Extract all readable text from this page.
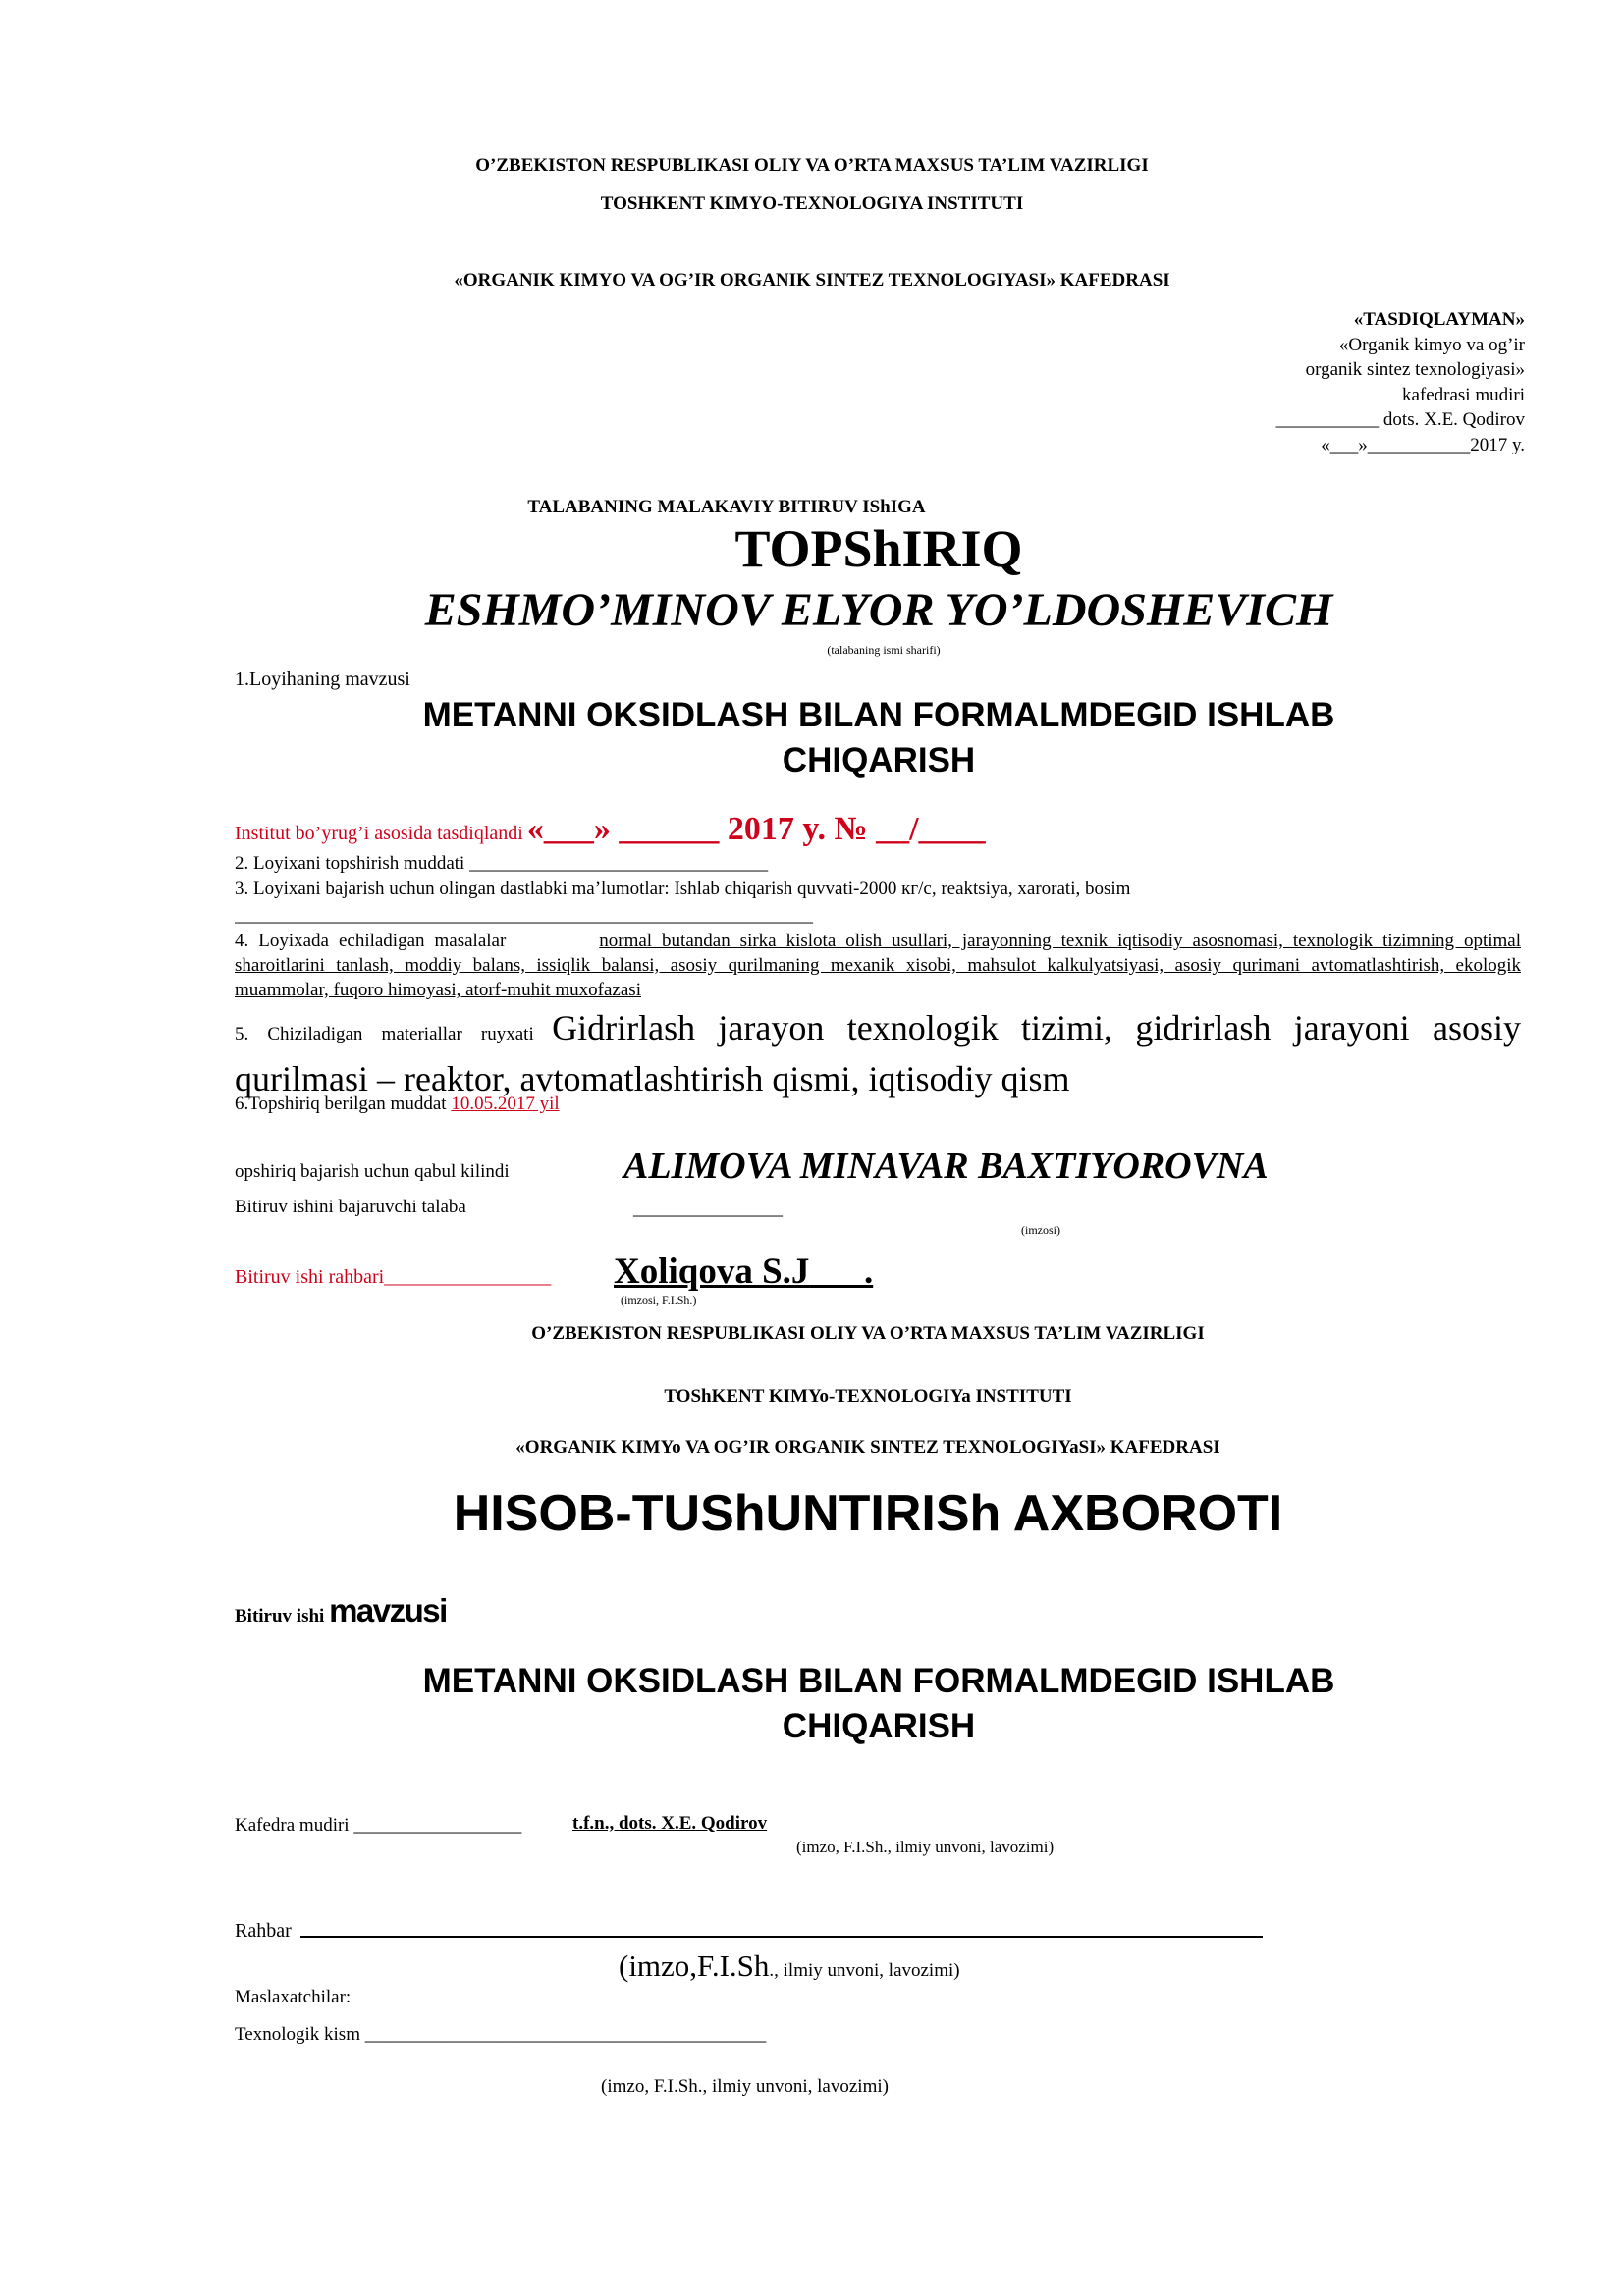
O’ZBEKISTON RESPUBLIKASI OLIY VA O’RTA MAXSUS TA’LIM VAZIRLIGI
TOSHKENT KIMYO-TEXNOLOGIYA INSTITUTI
«ORGANIK KIMYO VA OG’IR ORGANIK SINTEZ TEXNOLOGIYASI» KAFEDRASI
«TASDIQLAYMAN»
«Organik kimyo va og’ir
organik sintez texnologiyasi»
kafedrasi mudiri
___________ dots. X.E. Qodirov
«___»___________2017 y.
TALABANING MALAKAVIY BITIRUV IShIGA
TOPShIRIQ
ESHMO’MINOV ELYOR YO’LDOSHEVICH
(talabaning ismi sharifi)
1.Loyihaning mavzusi
METANNI OKSIDLASH BILAN FORMALMDEGID ISHLAB
CHIQARISH
Institut bo’yrug’i asosida tasdiqlandi «___» ______ 2017 y. № __/____
2. Loyixani topshirish muddati ________________________________
3. Loyixani bajarish uchun olingan dastlabki ma’lumotlar: Ishlab chiqarish quvvati-2000 кг/с, reaktsiya, xarorati, bosim
______________________________________________________________
4. Loyixada echiladigan masalalar	normal butandan sirka kislota olish usullari, jarayonning texnik iqtisodiy asosnomasi, texnologik tizimning optimal sharoitlarini tanlash, moddiy balans, issiqlik balansi, asosiy qurilmaning mexanik xisobi, mahsulot kalkulyatsiyasi, asosiy qurimani avtomatlashtirish, ekologik muammolar, fuqoro himoyasi, atorf-muhit muxofazasi
5. Chiziladigan materiallar ruyxati Gidrirlash jarayon texnologik tizimi, gidrirlash jarayoni asosiy qurilmasi – reaktor, avtomatlashtirish qismi, iqtisodiy qism
6.Topshiriq berilgan muddat 10.05.2017 yil
opshiriq bajarish uchun qabul kilindi	ALIMOVA MINAVAR BAXTIYOROVNA
Bitiruv ishini bajaruvchi talaba	________________
(imzosi)
Bitiruv ishi rahbari_________________ Xoliqova S.J      .
(imzosi, F.I.Sh.)
O’ZBEKISTON RESPUBLIKASI OLIY VA O’RTA MAXSUS TA’LIM VAZIRLIGI
TOShKENT KIMYo-TEXNOLOGIYa INSTITUTI
«ORGANIK KIMYo VA OG’IR ORGANIK SINTEZ TEXNOLOGIYaSI» KAFEDRASI
HISOB-TUShUNTIRISh AXBOROTI
Bitiruv ishi mavzusi
METANNI OKSIDLASH BILAN FORMALMDEGID ISHLAB
CHIQARISH
Kafedra mudiri __________________	t.f.n., dots. X.E. Qodirov
(imzo, F.I.Sh., ilmiy unvoni, lavozimi)
Rahbar
(imzo,F.I.Sh., ilmiy unvoni, lavozimi)
Maslaxatchilar:
Texnologik kism ___________________________________________
(imzo, F.I.Sh., ilmiy unvoni, lavozimi)
